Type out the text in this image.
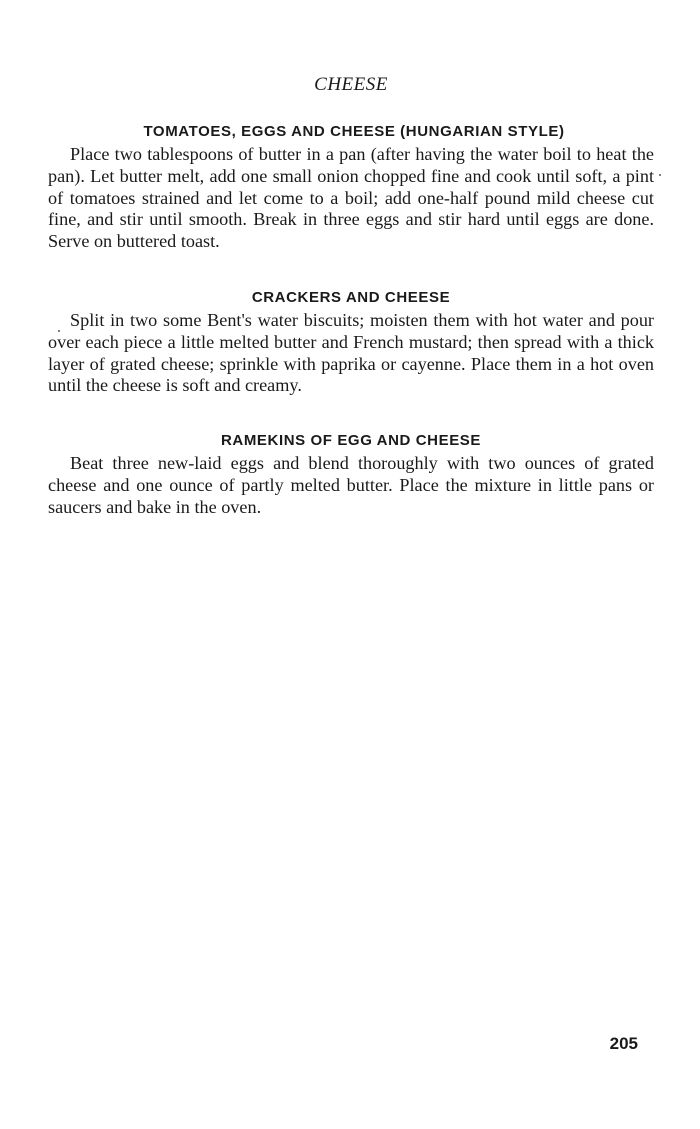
CHEESE
TOMATOES, EGGS AND CHEESE (HUNGARIAN STYLE)

Place two tablespoons of butter in a pan (after having the water boil to heat the pan). Let butter melt, add one small onion chopped fine and cook until soft, a pint of tomatoes strained and let come to a boil; add one-half pound mild cheese cut fine, and stir until smooth. Break in three eggs and stir hard until eggs are done. Serve on buttered toast.

CRACKERS AND CHEESE

Split in two some Bent's water biscuits; moisten them with hot water and pour over each piece a little melted butter and French mustard; then spread with a thick layer of grated cheese; sprinkle with paprika or cayenne. Place them in a hot oven until the cheese is soft and creamy.

RAMEKINS OF EGG AND CHEESE

Beat three new-laid eggs and blend thoroughly with two ounces of grated cheese and one ounce of partly melted butter. Place the mixture in little pans or saucers and bake in the oven.

205
